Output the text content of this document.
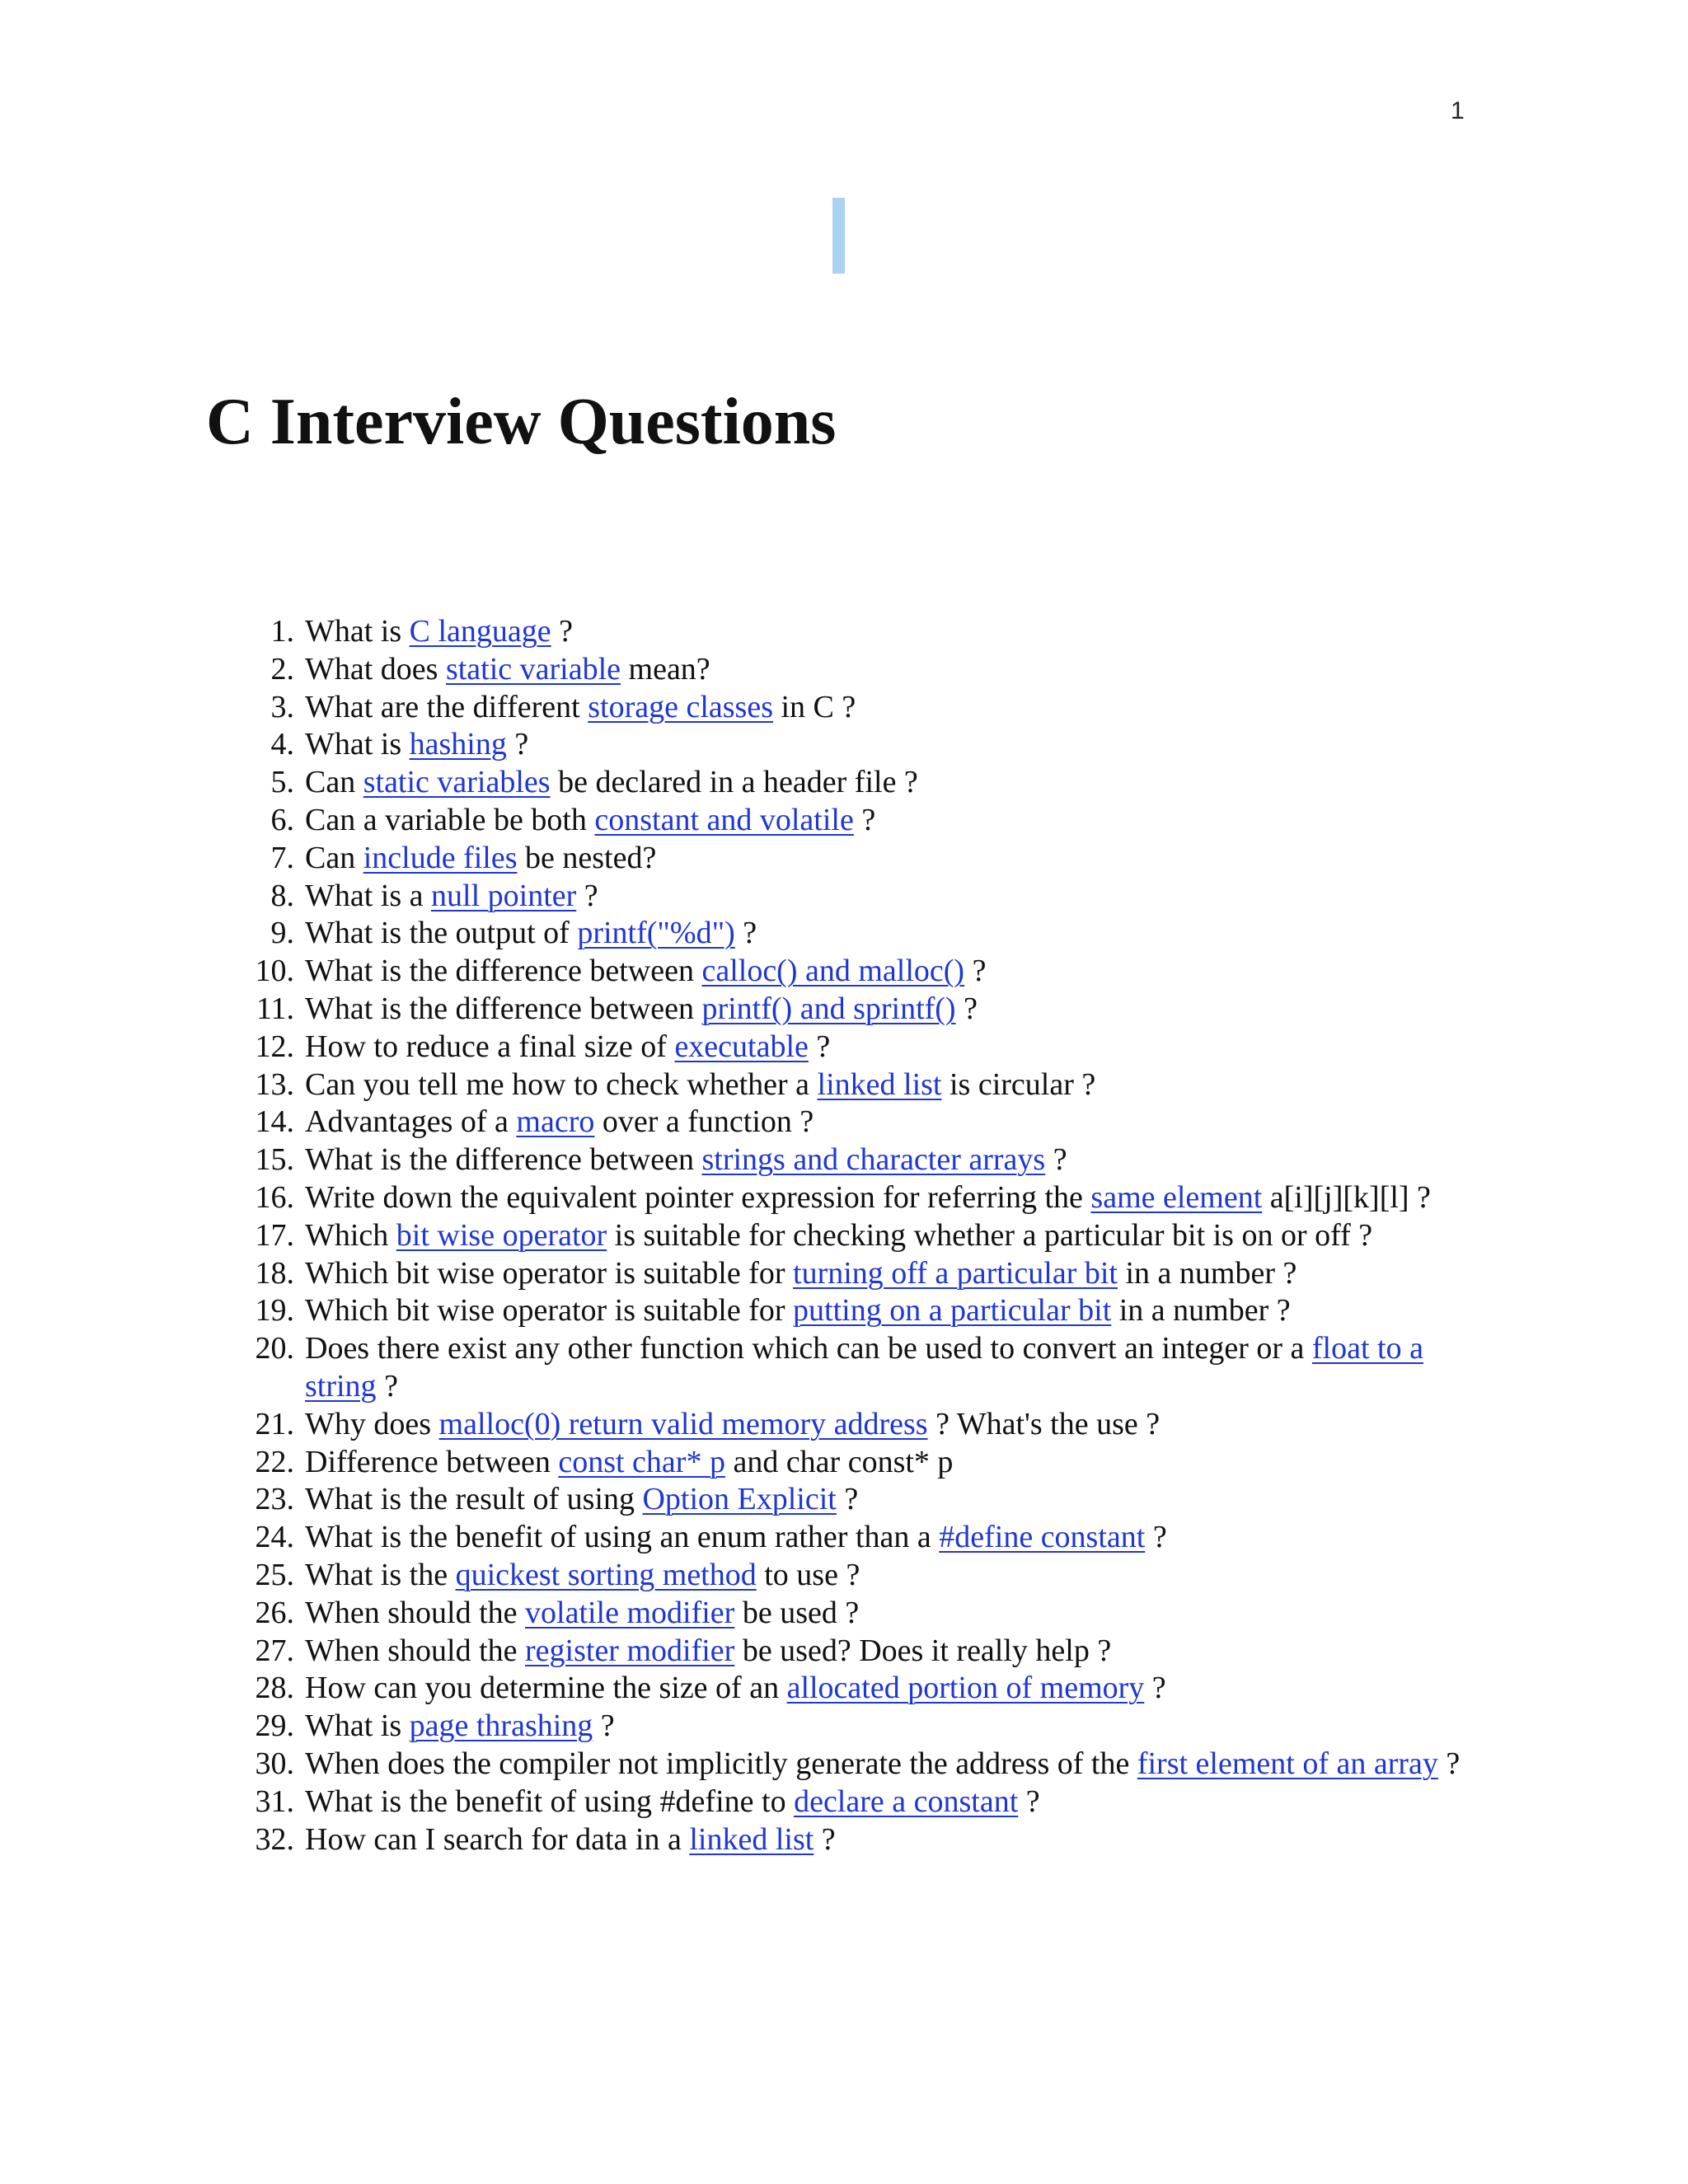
1
C Interview Questions
1. What is C language ?
2. What does static variable mean?
3. What are the different storage classes in C ?
4. What is hashing ?
5. Can static variables be declared in a header file ?
6. Can a variable be both constant and volatile ?
7. Can include files be nested?
8. What is a null pointer ?
9. What is the output of printf("%d") ?
10. What is the difference between calloc() and malloc() ?
11. What is the difference between printf() and sprintf() ?
12. How to reduce a final size of executable ?
13. Can you tell me how to check whether a linked list is circular ?
14. Advantages of a macro over a function ?
15. What is the difference between strings and character arrays ?
16. Write down the equivalent pointer expression for referring the same element a[i][j][k][l] ?
17. Which bit wise operator is suitable for checking whether a particular bit is on or off ?
18. Which bit wise operator is suitable for turning off a particular bit in a number ?
19. Which bit wise operator is suitable for putting on a particular bit in a number ?
20. Does there exist any other function which can be used to convert an integer or a float to a string ?
21. Why does malloc(0) return valid memory address ? What's the use ?
22. Difference between const char* p and char const* p
23. What is the result of using Option Explicit ?
24. What is the benefit of using an enum rather than a #define constant ?
25. What is the quickest sorting method to use ?
26. When should the volatile modifier be used ?
27. When should the register modifier be used? Does it really help ?
28. How can you determine the size of an allocated portion of memory ?
29. What is page thrashing ?
30. When does the compiler not implicitly generate the address of the first element of an array ?
31. What is the benefit of using #define to declare a constant ?
32. How can I search for data in a linked list ?
